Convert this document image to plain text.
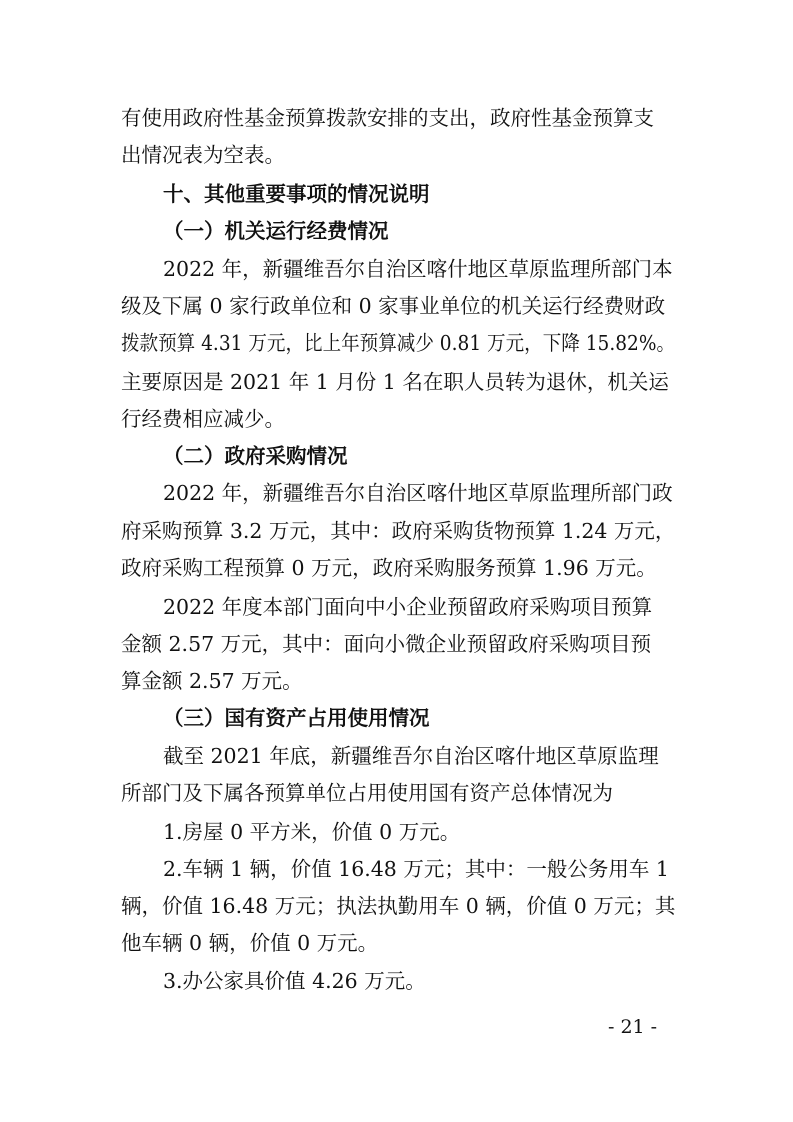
有使用政府性基金预算拨款安排的支出，政府性基金预算支
出情况表为空表。
十、其他重要事项的情况说明
（一）机关运行经费情况
2022 年，新疆维吾尔自治区喀什地区草原监理所部门本
级及下属 0 家行政单位和 0 家事业单位的机关运行经费财政
拨款预算 4.31 万元，比上年预算减少 0.81 万元，下降 15.82%。
主要原因是 2021 年 1 月份 1 名在职人员转为退休，机关运
行经费相应减少。
（二）政府采购情况
2022 年，新疆维吾尔自治区喀什地区草原监理所部门政
府采购预算 3.2 万元，其中：政府采购货物预算 1.24 万元，
政府采购工程预算 0 万元，政府采购服务预算 1.96 万元。
2022 年度本部门面向中小企业预留政府采购项目预算
金额 2.57 万元，其中：面向小微企业预留政府采购项目预
算金额 2.57 万元。
（三）国有资产占用使用情况
截至 2021 年底，新疆维吾尔自治区喀什地区草原监理
所部门及下属各预算单位占用使用国有资产总体情况为
1.房屋 0 平方米，价值 0 万元。
2.车辆 1 辆，价值 16.48 万元；其中：一般公务用车 1
辆，价值 16.48 万元；执法执勤用车 0 辆，价值 0 万元；其
他车辆 0 辆，价值 0 万元。
3.办公家具价值 4.26 万元。
- 21 -
